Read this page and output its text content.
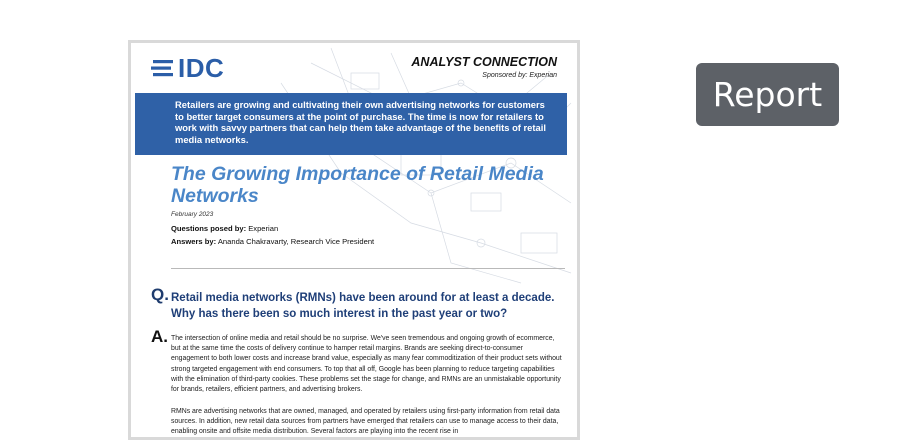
IDC	ANALYST CONNECTION
Sponsored by: Experian
Retailers are growing and cultivating their own advertising networks for customers to better target consumers at the point of purchase. The time is now for retailers to work with savvy partners that can help them take advantage of the benefits of retail media networks.
The Growing Importance of Retail Media Networks
February 2023
Questions posed by: Experian
Answers by: Ananda Chakravarty, Research Vice President
Q. Retail media networks (RMNs) have been around for at least a decade. Why has there been so much interest in the past year or two?
A. The intersection of online media and retail should be no surprise. We've seen tremendous and ongoing growth of ecommerce, but at the same time the costs of delivery continue to hamper retail margins. Brands are seeking direct-to-consumer engagement to both lower costs and increase brand value, especially as many fear commoditization of their product sets without strong targeted engagement with end consumers. To top that all off, Google has been planning to reduce targeting capabilities with the elimination of third-party cookies. These problems set the stage for change, and RMNs are an unmistakable opportunity for brands, retailers, efficient partners, and advertising brokers.
RMNs are advertising networks that are owned, managed, and operated by retailers using first-party information from retail data sources. In addition, new retail data sources from partners have emerged that retailers can use to manage access to their data, enabling onsite and offsite media distribution. Several factors are playing into the recent rise in
Report
